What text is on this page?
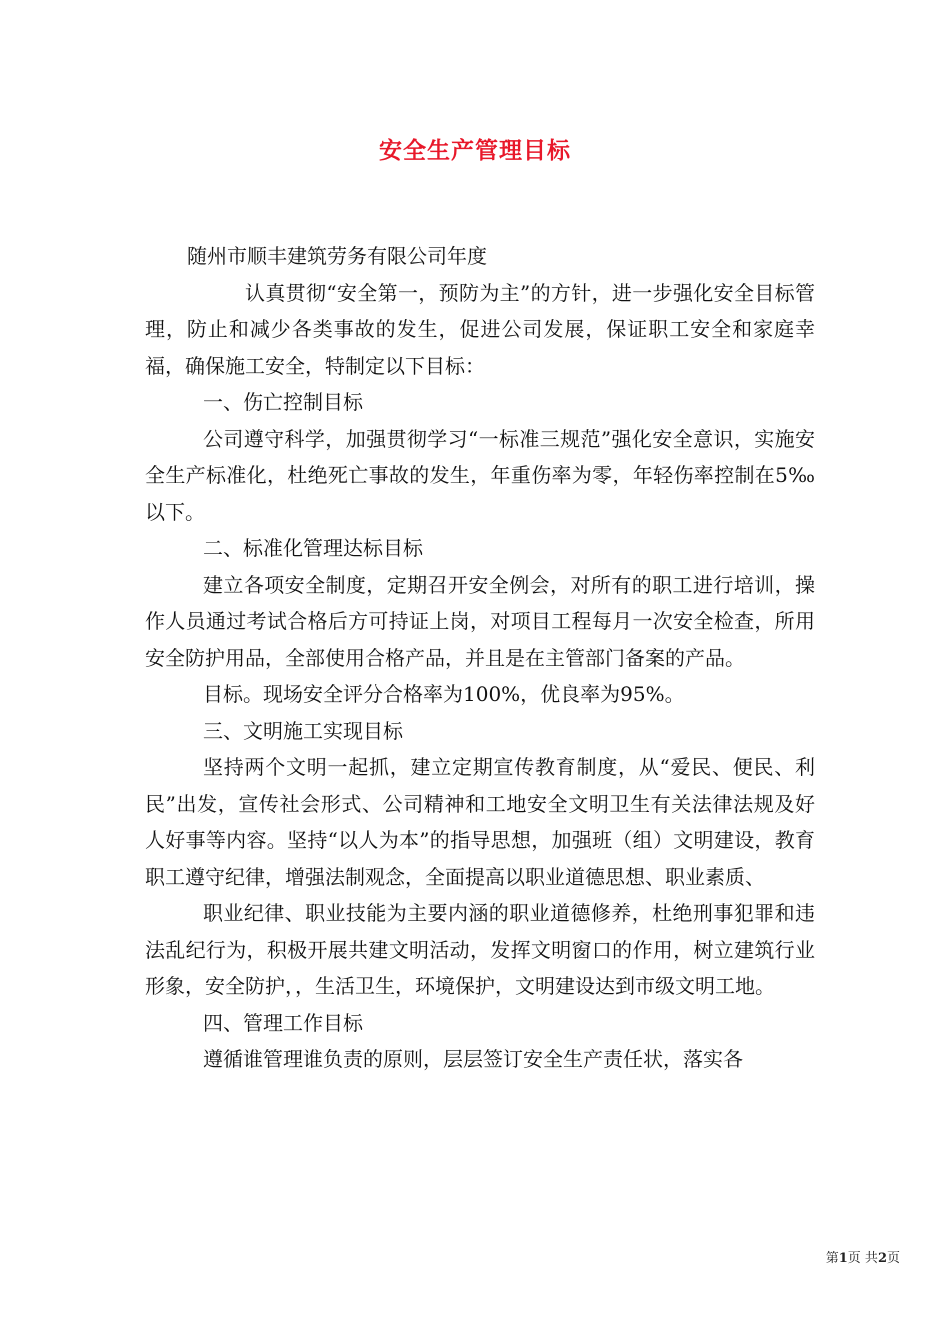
安全生产管理目标

随州市顺丰建筑劳务有限公司年度

认真贯彻“安全第一，预防为主”的方针，进一步强化安全目标管理，防止和减少各类事故的发生，促进公司发展，保证职工安全和家庭幸福，确保施工安全，特制定以下目标：

一、伤亡控制目标

公司遵守科学，加强贯彻学习“一标准三规范”强化安全意识，实施安全生产标准化，杜绝死亡事故的发生，年重伤率为零，年轻伤率控制在5‰以下。

二、标准化管理达标目标

建立各项安全制度，定期召开安全例会，对所有的职工进行培训，操作人员通过考试合格后方可持证上岗，对项目工程每月一次安全检查，所用安全防护用品，全部使用合格产品，并且是在主管部门备案的产品。

目标。现场安全评分合格率为100%，优良率为95%。

三、文明施工实现目标

坚持两个文明一起抓，建立定期宣传教育制度，从“爱民、便民、利民”出发，宣传社会形式、公司精神和工地安全文明卫生有关法律法规及好人好事等内容。坚持“以人为本”的指导思想，加强班（组）文明建设，教育职工遵守纪律，增强法制观念，全面提高以职业道德思想、职业素质、

职业纪律、职业技能为主要内涵的职业道德修养，杜绝刑事犯罪和违法乱纪行为，积极开展共建文明活动，发挥文明窗口的作用，树立建筑行业形象，安全防护，，生活卫生，环境保护，文明建设达到市级文明工地。

四、管理工作目标

遵循谁管理谁负责的原则，层层签订安全生产责任状，落实各

第1页 共2页
